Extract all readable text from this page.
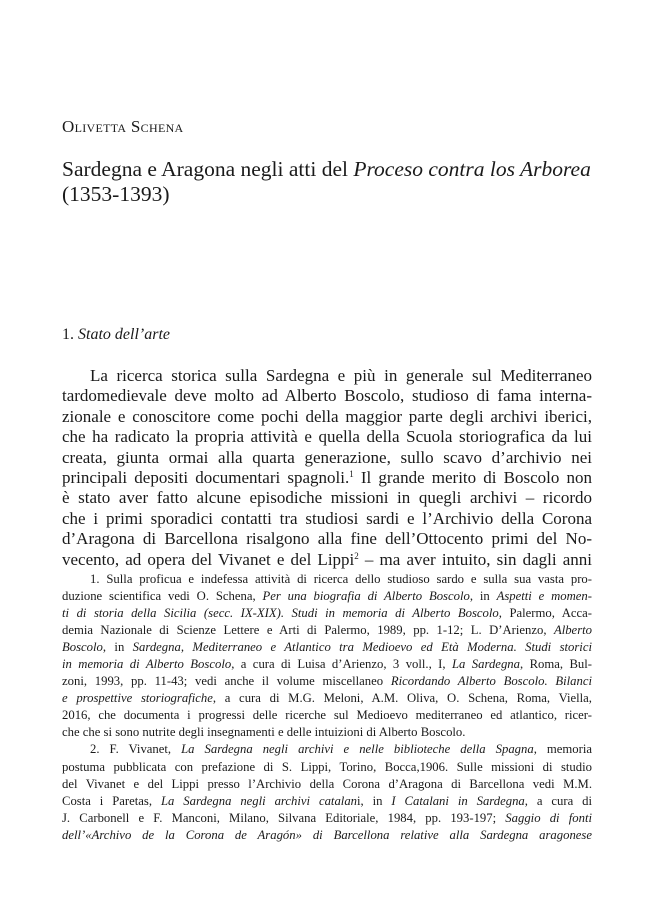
Olivetta Schena
Sardegna e Aragona negli atti del Proceso contra los Arborea
(1353-1393)
1. Stato dell’arte
La ricerca storica sulla Sardegna e più in generale sul Mediterraneo
tardomedievale deve molto ad Alberto Boscolo, studioso di fama interna-
zionale e conoscitore come pochi della maggior parte degli archivi iberici,
che ha radicato la propria attività e quella della Scuola storiografica da lui
creata, giunta ormai alla quarta generazione, sullo scavo d’archivio nei
principali depositi documentari spagnoli.$^1$ Il grande merito di Boscolo non
è stato aver fatto alcune episodiche missioni in quegli archivi – ricordo
che i primi sporadici contatti tra studiosi sardi e l’Archivio della Corona
d’Aragona di Barcellona risalgono alla fine dell’Ottocento primi del No-
vecento, ad opera del Vivanet e del Lippi$^2$ – ma aver intuito, sin dagli anni
1. Sulla proficua e indefessa attività di ricerca dello studioso sardo e sulla sua vasta pro-
duzione scientifica vedi O. Schena, Per una biografia di Alberto Boscolo, in Aspetti e momen-
ti di storia della Sicilia (secc. IX-XIX). Studi in memoria di Alberto Boscolo, Palermo, Acca-
demia Nazionale di Scienze Lettere e Arti di Palermo, 1989, pp. 1-12; L. D’Arienzo, Alberto
Boscolo, in Sardegna, Mediterraneo e Atlantico tra Medioevo ed Età Moderna. Studi storici
in memoria di Alberto Boscolo, a cura di Luisa d’Arienzo, 3 voll., I, La Sardegna, Roma, Bul-
zoni, 1993, pp. 11-43; vedi anche il volume miscellaneo Ricordando Alberto Boscolo. Bilanci
e prospettive storiografiche, a cura di M.G. Meloni, A.M. Oliva, O. Schena, Roma, Viella,
2016, che documenta i progressi delle ricerche sul Medioevo mediterraneo ed atlantico, ricer-
che che si sono nutrite degli insegnamenti e delle intuizioni di Alberto Boscolo.
2. F. Vivanet, La Sardegna negli archivi e nelle biblioteche della Spagna, memoria
postuma pubblicata con prefazione di S. Lippi, Torino, Bocca,1906. Sulle missioni di studio
del Vivanet e del Lippi presso l’Archivio della Corona d’Aragona di Barcellona vedi M.M.
Costa i Paretas, La Sardegna negli archivi catalani, in I Catalani in Sardegna, a cura di
J. Carbonell e F. Manconi, Milano, Silvana Editoriale, 1984, pp. 193-197; Saggio di fonti
dell’«Archivo de la Corona de Aragón» di Barcellona relative alla Sardegna aragonese
